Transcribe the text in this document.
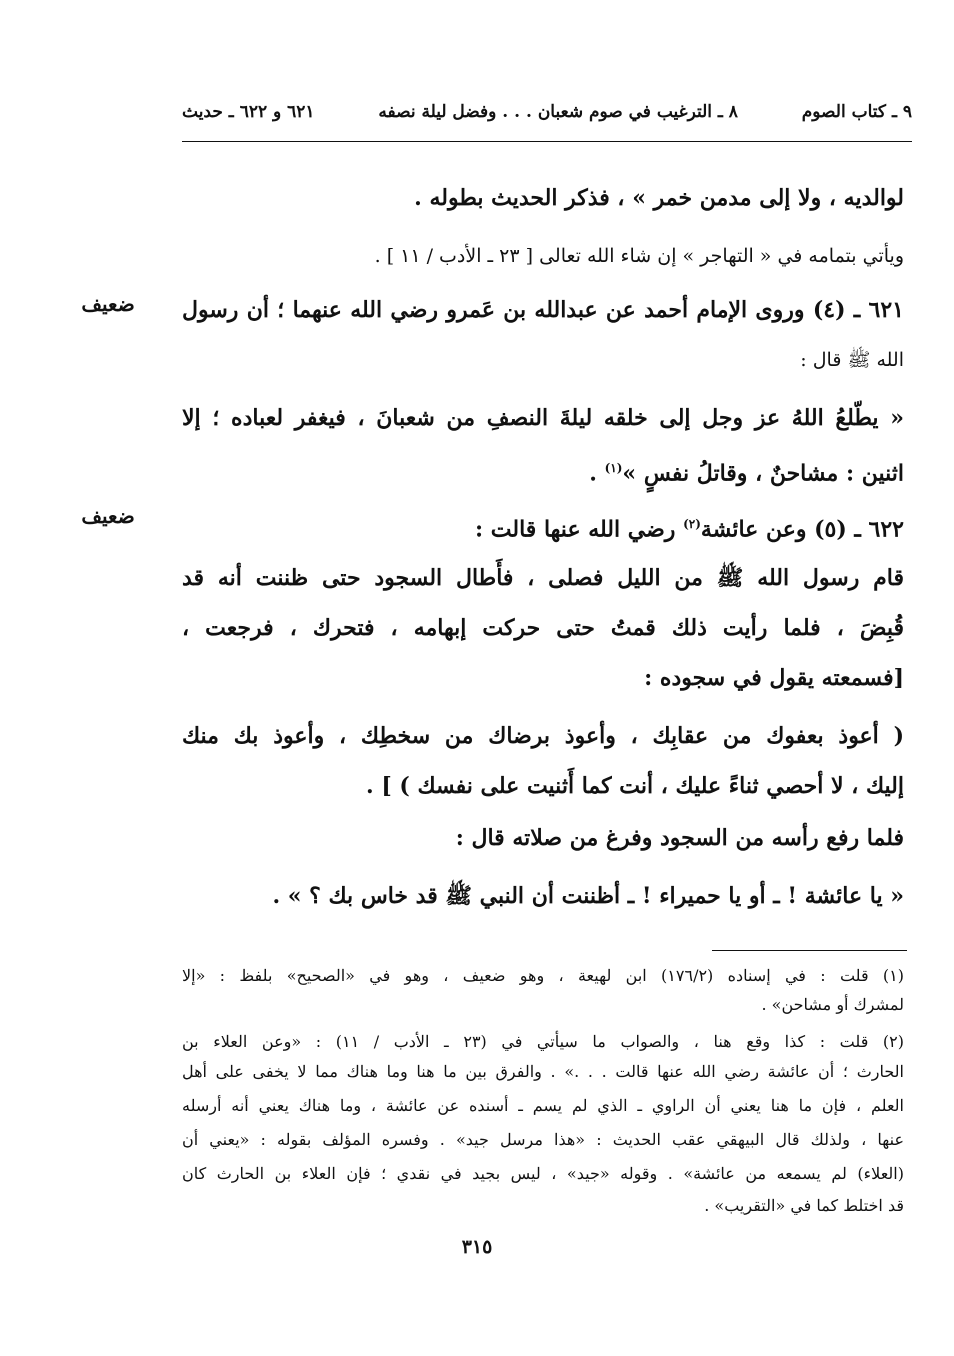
٩ ـ كتاب الصوم
٨ ـ الترغيب في صوم شعبان . . . وفضل ليلة نصفه
٦٢١ و ٦٢٢ ـ حديث
لوالديه ، ولا إلى مدمن خمر » ، فذكر الحديث بطوله .
ويأتي بتمامه في « التهاجر » إن شاء الله تعالى [ ٢٣ ـ الأدب / ١١ ] .
٦٢١ ـ (٤) وروى الإمام أحمد عن عبدالله بن عَمرو رضي الله عنهما ؛ أن رسول
الله ﷺ قال :
« يطّلعُ اللهُ عز وجل إلى خلقه ليلةَ النصفِ من شعبانَ ، فيغفر لعباده ؛ إلا
اثنين : مشاحنٌ ، وقاتلُ نفسٍ »$^{(١)}$ .
٦٢٢ ـ (٥) وعن عائشة$^{(٢)}$ رضي الله عنها قالت :
قام رسول الله ﷺ من الليل فصلى ، فأَطال السجود حتى ظننت أنه قد
قُبِضَ ، فلما رأيت ذلك قمتُ حتى حركت إبهامه ، فتحرك ، فرجعت ،
[فسمعته يقول في سجوده :
( أعوذ بعفوك من عقابِك ، وأعوذ برضاك من سخطِك ، وأعوذ بك منك
إليك ، لا أحصي ثناءً عليك ، أنت كما أَثنيت على نفسك ) ] .
فلما رفع رأسه من السجود وفرغ من صلاته قال :
« يا عائشة ! ـ أو يا حميراء ! ـ أظننت أن النبي ﷺ قد خاس بك ؟ » .
ضعيف
ضعيف
(١) قلت : في إسناده (١٧٦/٢) ابن لهيعة ، وهو ضعيف ، وهو في «الصحيح» بلفظ : «إلا
لمشرك أو مشاحن» .
(٢) قلت : كذا وقع هنا ، والصواب ما سيأتي في (٢٣ ـ الأدب / ١١) : «وعن العلاء بن
الحارث ؛ أن عائشة رضي الله عنها قالت . . .» . والفرق بين ما هنا وما هناك مما لا يخفى على أهل
العلم ، فإن ما هنا يعني أن الراوي ـ الذي لم يسم ـ أسنده عن عائشة ، وما هناك يعني أنه أرسله
عنها ، ولذلك قال البيهقي عقب الحديث : «هذا مرسل جيد» . وفسره المؤلف بقوله : «يعني أن
(العلاء) لم يسمعه من عائشة» . وقوله «جيد» ، ليس بجيد في نقدي ؛ فإن العلاء بن الحارث كان
قد اختلط كما في «التقريب» .
٣١٥
